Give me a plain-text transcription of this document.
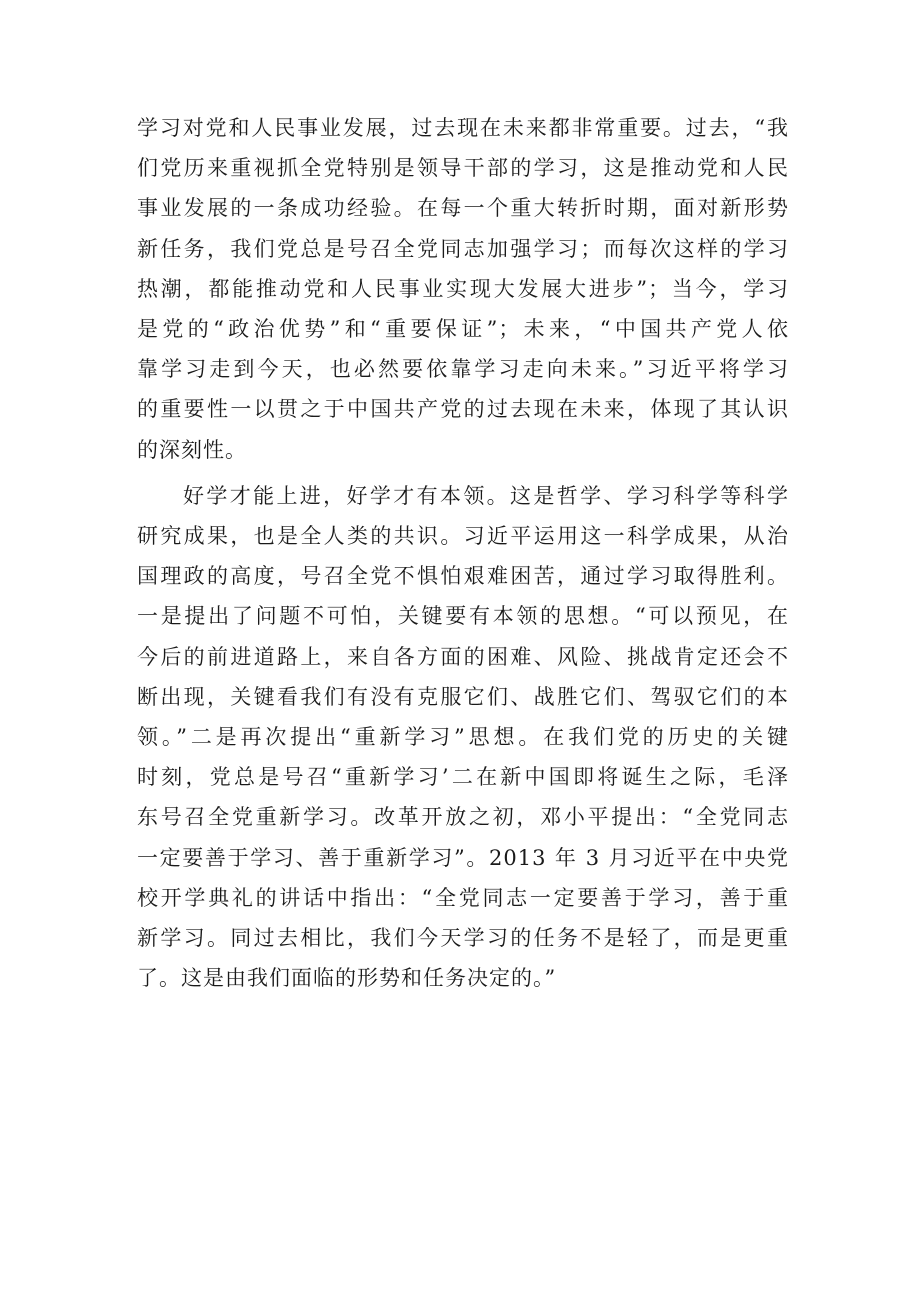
学习对党和人民事业发展，过去现在未来都非常重要。过去，“我
们党历来重视抓全党特别是领导干部的学习，这是推动党和人民
事业发展的一条成功经验。在每一个重大转折时期，面对新形势
新任务，我们党总是号召全党同志加强学习；而每次这样的学习
热潮，都能推动党和人民事业实现大发展大进步”；当今，学习
是党的“政治优势”和“重要保证”；未来，“中国共产党人依
靠学习走到今天，也必然要依靠学习走向未来。”习近平将学习
的重要性一以贯之于中国共产党的过去现在未来，体现了其认识
的深刻性。

好学才能上进，好学才有本领。这是哲学、学习科学等科学
研究成果，也是全人类的共识。习近平运用这一科学成果，从治
国理政的高度，号召全党不惧怕艰难困苦，通过学习取得胜利。
一是提出了问题不可怕，关键要有本领的思想。“可以预见，在
今后的前进道路上，来自各方面的困难、风险、挑战肯定还会不
断出现，关键看我们有没有克服它们、战胜它们、驾驭它们的本
领。”二是再次提出“重新学习”思想。在我们党的历史的关键
时刻，党总是号召“重新学习’二在新中国即将诞生之际，毛泽
东号召全党重新学习。改革开放之初，邓小平提出：“全党同志
一定要善于学习、善于重新学习”。2013 年 3 月习近平在中央党
校开学典礼的讲话中指出：“全党同志一定要善于学习，善于重
新学习。同过去相比，我们今天学习的任务不是轻了，而是更重
了。这是由我们面临的形势和任务决定的。”
